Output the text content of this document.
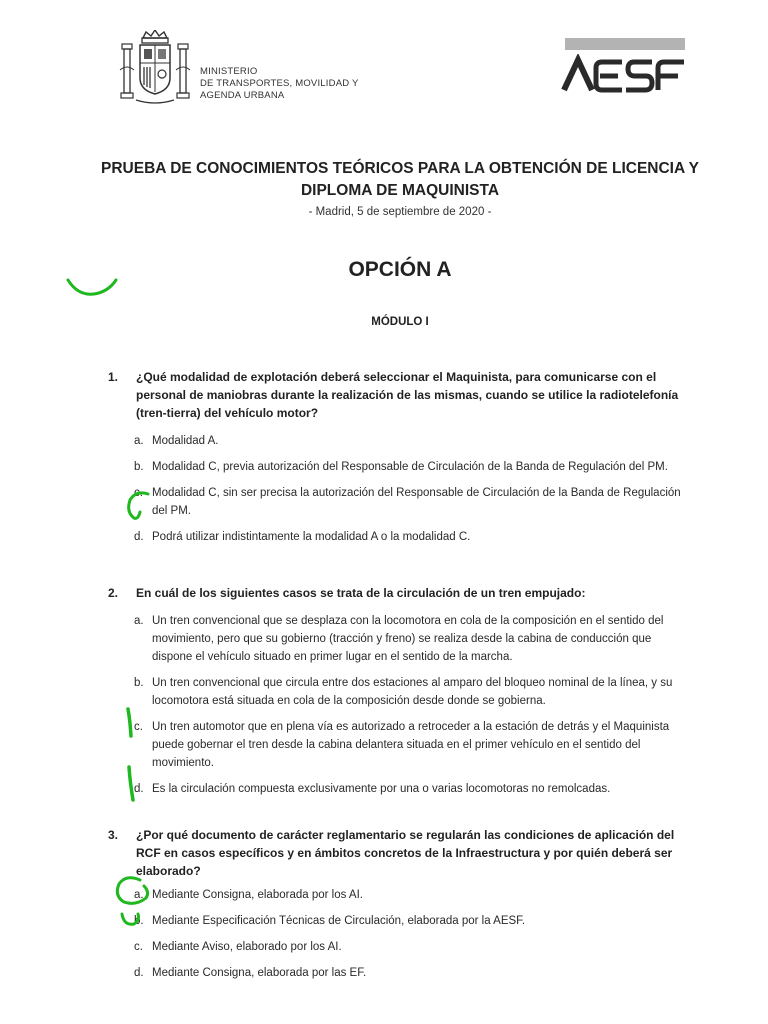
MINISTERIO
DE TRANSPORTES, MOVILIDAD Y
AGENDA URBANA
PRUEBA DE CONOCIMIENTOS TEÓRICOS PARA LA OBTENCIÓN DE LICENCIA Y
DIPLOMA DE MAQUINISTA
- Madrid, 5 de septiembre de 2020 -
OPCIÓN A
MÓDULO I
1.	¿Qué modalidad de explotación deberá seleccionar el Maquinista, para comunicarse con el personal de maniobras durante la realización de las mismas, cuando se utilice la radiotelefonía (tren-tierra) del vehículo motor?
a. Modalidad A.
b. Modalidad C, previa autorización del Responsable de Circulación de la Banda de Regulación del PM.
c. Modalidad C, sin ser precisa la autorización del Responsable de Circulación de la Banda de Regulación del PM.
d. Podrá utilizar indistintamente la modalidad A o la modalidad C.
2.	En cuál de los siguientes casos se trata de la circulación de un tren empujado:
a. Un tren convencional que se desplaza con la locomotora en cola de la composición en el sentido del movimiento, pero que su gobierno (tracción y freno) se realiza desde la cabina de conducción que dispone el vehículo situado en primer lugar en el sentido de la marcha.
b. Un tren convencional que circula entre dos estaciones al amparo del bloqueo nominal de la línea, y su locomotora está situada en cola de la composición desde donde se gobierna.
c. Un tren automotor que en plena vía es autorizado a retroceder a la estación de detrás y el Maquinista puede gobernar el tren desde la cabina delantera situada en el primer vehículo en el sentido del movimiento.
d. Es la circulación compuesta exclusivamente por una o varias locomotoras no remolcadas.
3.	¿Por qué documento de carácter reglamentario se regularán las condiciones de aplicación del RCF en casos específicos y en ámbitos concretos de la Infraestructura y por quién deberá ser elaborado?
a. Mediante Consigna, elaborada por los AI.
b. Mediante Especificación Técnicas de Circulación, elaborada por la AESF.
c. Mediante Aviso, elaborado por los AI.
d. Mediante Consigna, elaborada por las EF.
